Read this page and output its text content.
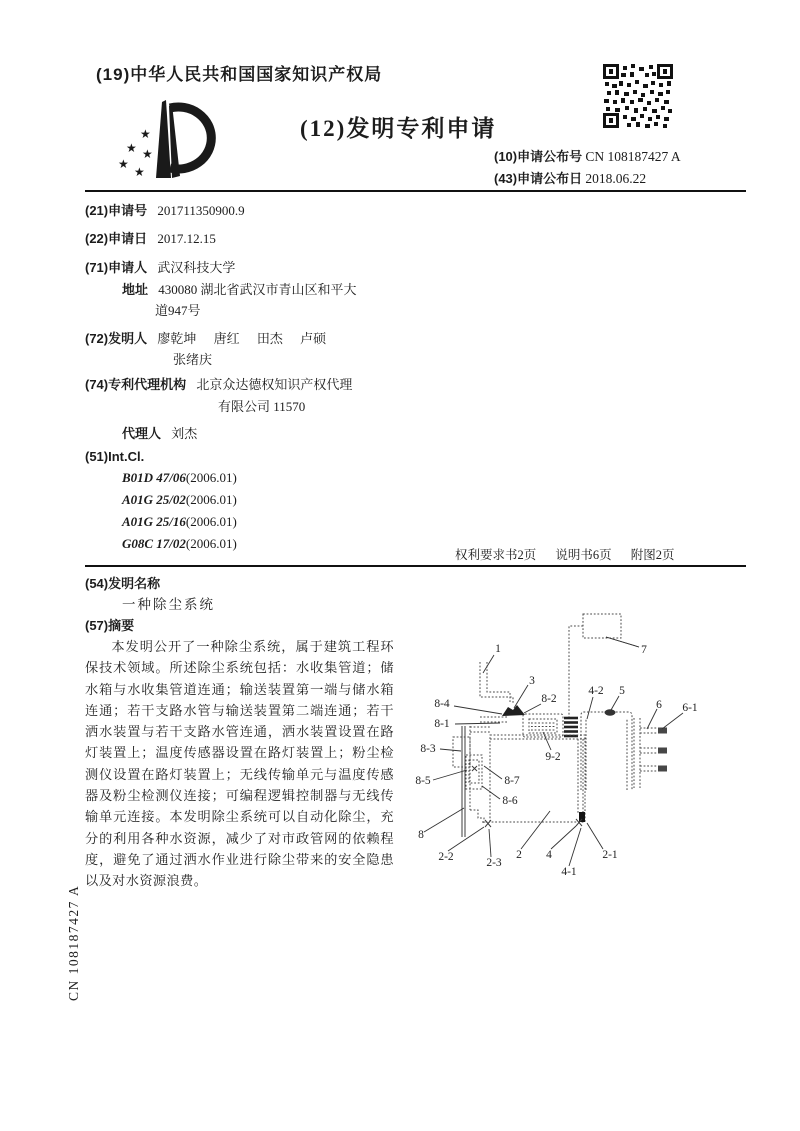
(19)中华人民共和国国家知识产权局
★
★ ★
★
★
(12)发明专利申请
(10)申请公布号 CN 108187427 A
(43)申请公布日 2018.06.22
(21)申请号 201711350900.9
(22)申请日 2017.12.15
(71)申请人 武汉科技大学
地址 430080 湖北省武汉市青山区和平大
道947号
(72)发明人 廖乾坤 唐红 田杰 卢硕
张绪庆
(74)专利代理机构 北京众达德权知识产权代理
有限公司 11570
代理人 刘杰
(51)Int.Cl.
B01D 47/06(2006.01)
A01G 25/02(2006.01)
A01G 25/16(2006.01)
G08C 17/02(2006.01)
权利要求书2页 说明书6页 附图2页
(54)发明名称
一种除尘系统
(57)摘要
本发明公开了一种除尘系统，属于建筑工程环保技术领域。所述除尘系统包括：水收集管道；储水箱与水收集管道连通；输送装置第一端与储水箱连通；若干支路水管与输送装置第二端连通；若干洒水装置与若干支路水管连通，洒水装置设置在路灯装置上；温度传感器设置在路灯装置上；粉尘检测仪设置在路灯装置上；无线传输单元与温度传感器及粉尘检测仪连接；可编程逻辑控制器与无线传输单元连接。本发明除尘系统可以自动化除尘，充分的利用各种水资源，减少了对市政管网的依赖程度，避免了通过洒水作业进行除尘带来的安全隐患以及对水资源浪费。
1	7
3
8-2
8-4
8-1
4-2 5
6 6-1
9-2
8-3
8-5	8-7
8-6
8
2-2	2-3
2 4
4-1
2-1
CN 108187427 A
